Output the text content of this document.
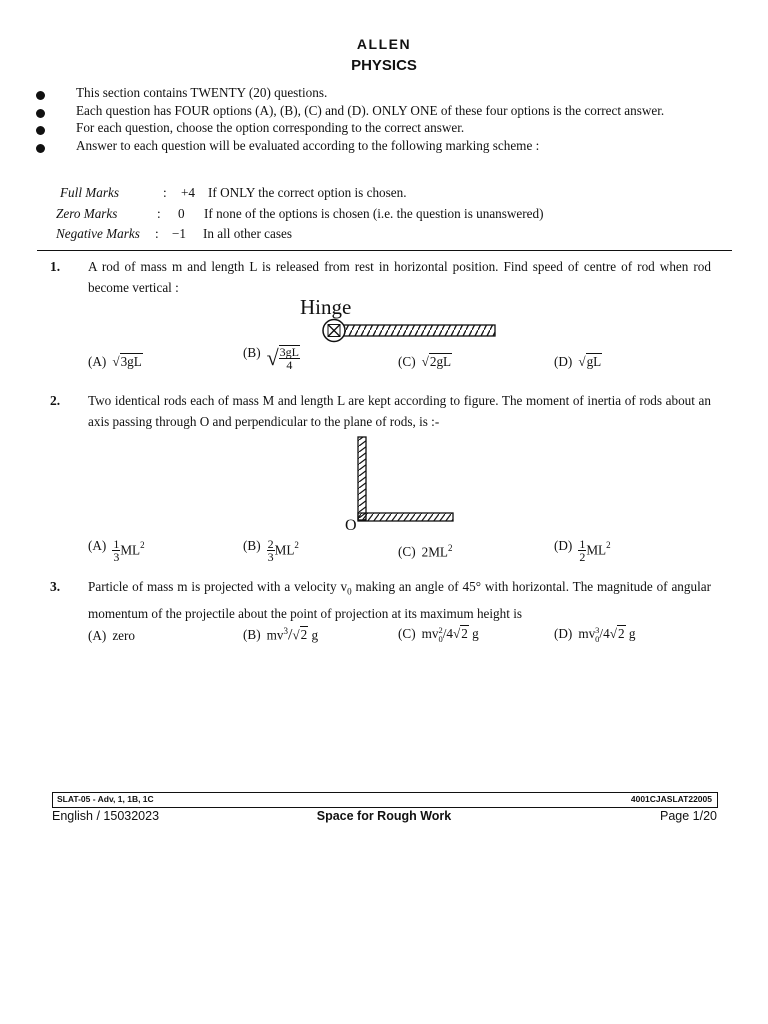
ALLEN
PHYSICS
This section contains TWENTY (20) questions.
Each question has FOUR options (A), (B), (C) and (D). ONLY ONE of these four options is the correct answer.
For each question, choose the option corresponding to the correct answer.
Answer to each question will be evaluated according to the following marking scheme :
Full Marks	: +4 If ONLY the correct option is chosen.
Zero Marks	: 0 If none of the options is chosen (i.e. the question is unanswered)
Negative Marks : −1 In all other cases
1. A rod of mass m and length L is released from rest in horizontal position. Find speed of centre of rod when rod become vertical :
Hinge
(A) √3gL
(B) √ $\frac{3gL}{4}$	(C) √2gL	(D) √gL
2. Two identical rods each of mass M and length L are kept according to figure. The moment of inertia of rods about an axis passing through O and perpendicular to the plane of rods, is :-
O
$(A) \frac{1}{3} ML^2$	$(B) \frac{2}{3} ML^2$	(C) $2ML^2$	$(D) \frac{1}{2} ML^2$
3. Particle of mass m is projected with a velocity $v_0$ making an angle of 45° with horizontal. The magnitude of angular momentum of the projectile about the point of projection at its maximum height is
(A) zero	(B) $mv^3/√2$ g	(C) mv 2
0 /4√2 g	(D) mv 3
0 /4√2 g
SLAT-05 - Adv, 1, 1B, 1C	4001CJASLAT22005
English / 15032023	Space for Rough Work	Page 1/20
